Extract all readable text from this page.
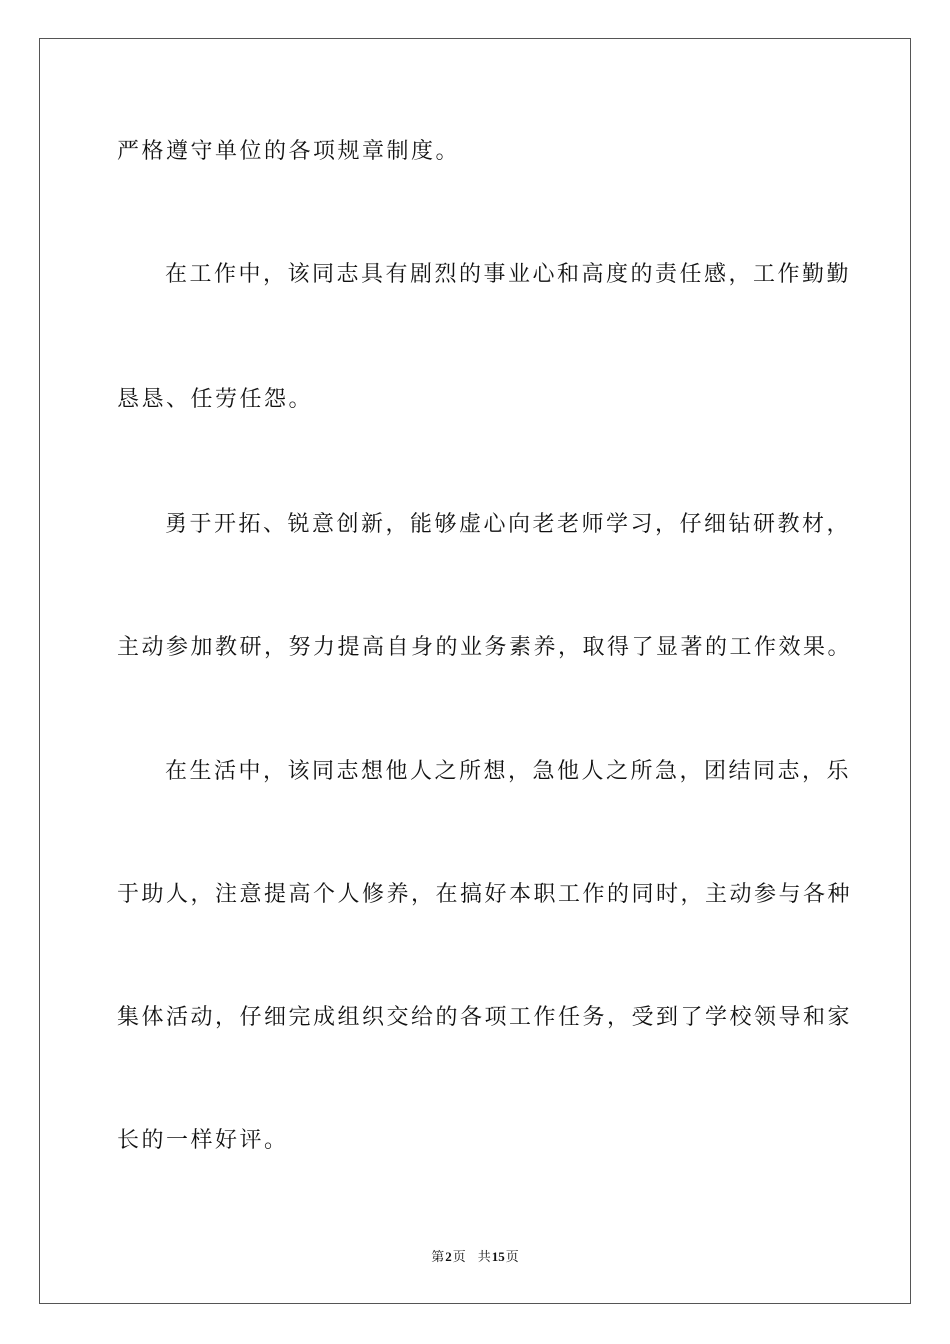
严格遵守单位的各项规章制度。
在工作中，该同志具有剧烈的事业心和高度的责任感，工作勤勤
恳恳、任劳任怨。
勇于开拓、锐意创新，能够虚心向老老师学习，仔细钻研教材，
主动参加教研，努力提高自身的业务素养，取得了显著的工作效果。
在生活中，该同志想他人之所想，急他人之所急，团结同志，乐
于助人，注意提高个人修养，在搞好本职工作的同时，主动参与各种
集体活动，仔细完成组织交给的各项工作任务，受到了学校领导和家
长的一样好评。
第2页 共15页
